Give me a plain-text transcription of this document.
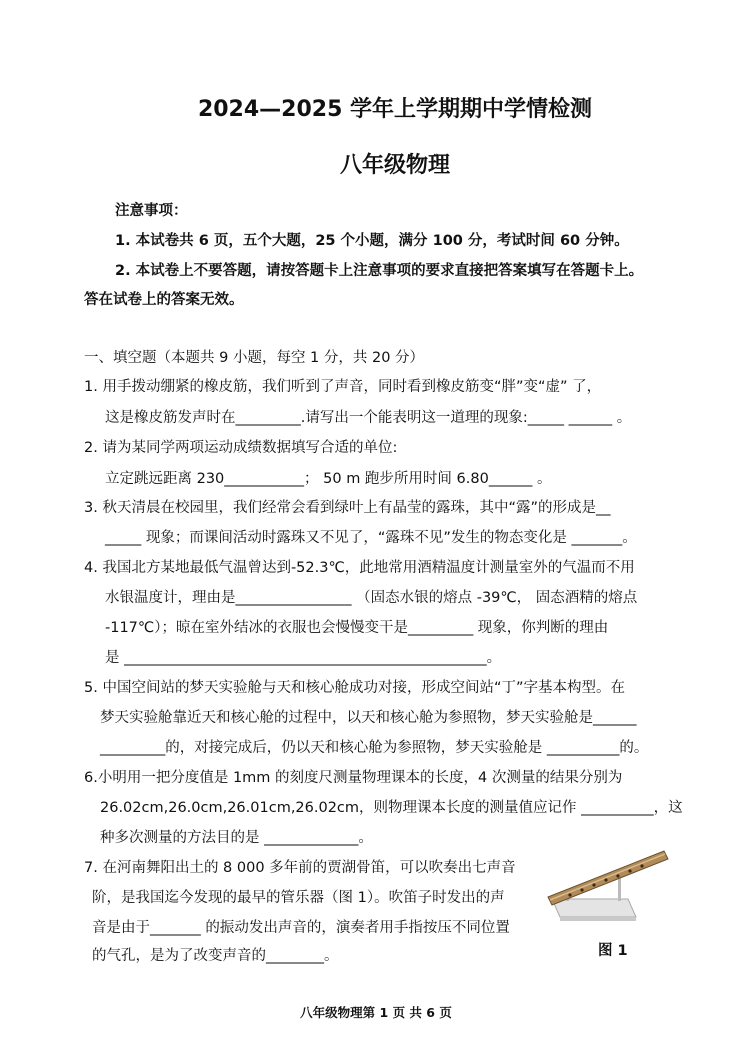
2024—2025 学年上学期期中学情检测
八年级物理
注意事项：
1. 本试卷共 6 页，五个大题，25 个小题，满分 100 分，考试时间 60 分钟。
2. 本试卷上不要答题，请按答题卡上注意事项的要求直接把答案填写在答题卡上。
答在试卷上的答案无效。
一、填空题（本题共 9 小题，每空 1 分，共 20 分）
1. 用手拨动绷紧的橡皮筋，我们听到了声音，同时看到橡皮筋变“胖”变“虚” 了，
这是橡皮筋发声时在_________.请写出一个能表明这一道理的现象:_____ ______ 。
2. 请为某同学两项运动成绩数据填写合适的单位:
立定跳远距离 230___________； 50 m 跑步所用时间 6.80______ 。
3. 秋天清晨在校园里，我们经常会看到绿叶上有晶莹的露珠，其中“露”的形成是__
_____ 现象；而课间活动时露珠又不见了，“露珠不见”发生的物态变化是 _______。
4. 我国北方某地最低气温曾达到-52.3℃，此地常用酒精温度计测量室外的气温而不用
水银温度计，理由是________________ （固态水银的熔点 -39℃， 固态酒精的熔点
-117℃）；晾在室外结冰的衣服也会慢慢变干是_________ 现象，你判断的理由
是 __________________________________________________。
5. 中国空间站的梦天实验舱与天和核心舱成功对接，形成空间站“丁”字基本构型。在
梦天实验舱靠近天和核心舱的过程中，以天和核心舱为参照物，梦天实验舱是______
_________的，对接完成后，仍以天和核心舱为参照物，梦天实验舱是 __________的。
6.小明用一把分度值是 1mm 的刻度尺测量物理课本的长度，4 次测量的结果分别为
26.02cm,26.0cm,26.01cm,26.02cm，则物理课本长度的测量值应记作 __________，这
种多次测量的方法目的是 _____________。
7. 在河南舞阳出土的 8 000 多年前的贾湖骨笛，可以吹奏出七声音
阶，是我国迄今发现的最早的管乐器（图 1）。吹笛子时发出的声
音是由于_______ 的振动发出声音的，演奏者用手指按压不同位置
的气孔，是为了改变声音的________。	图 1
八年级物理第 1 页 共 6 页
